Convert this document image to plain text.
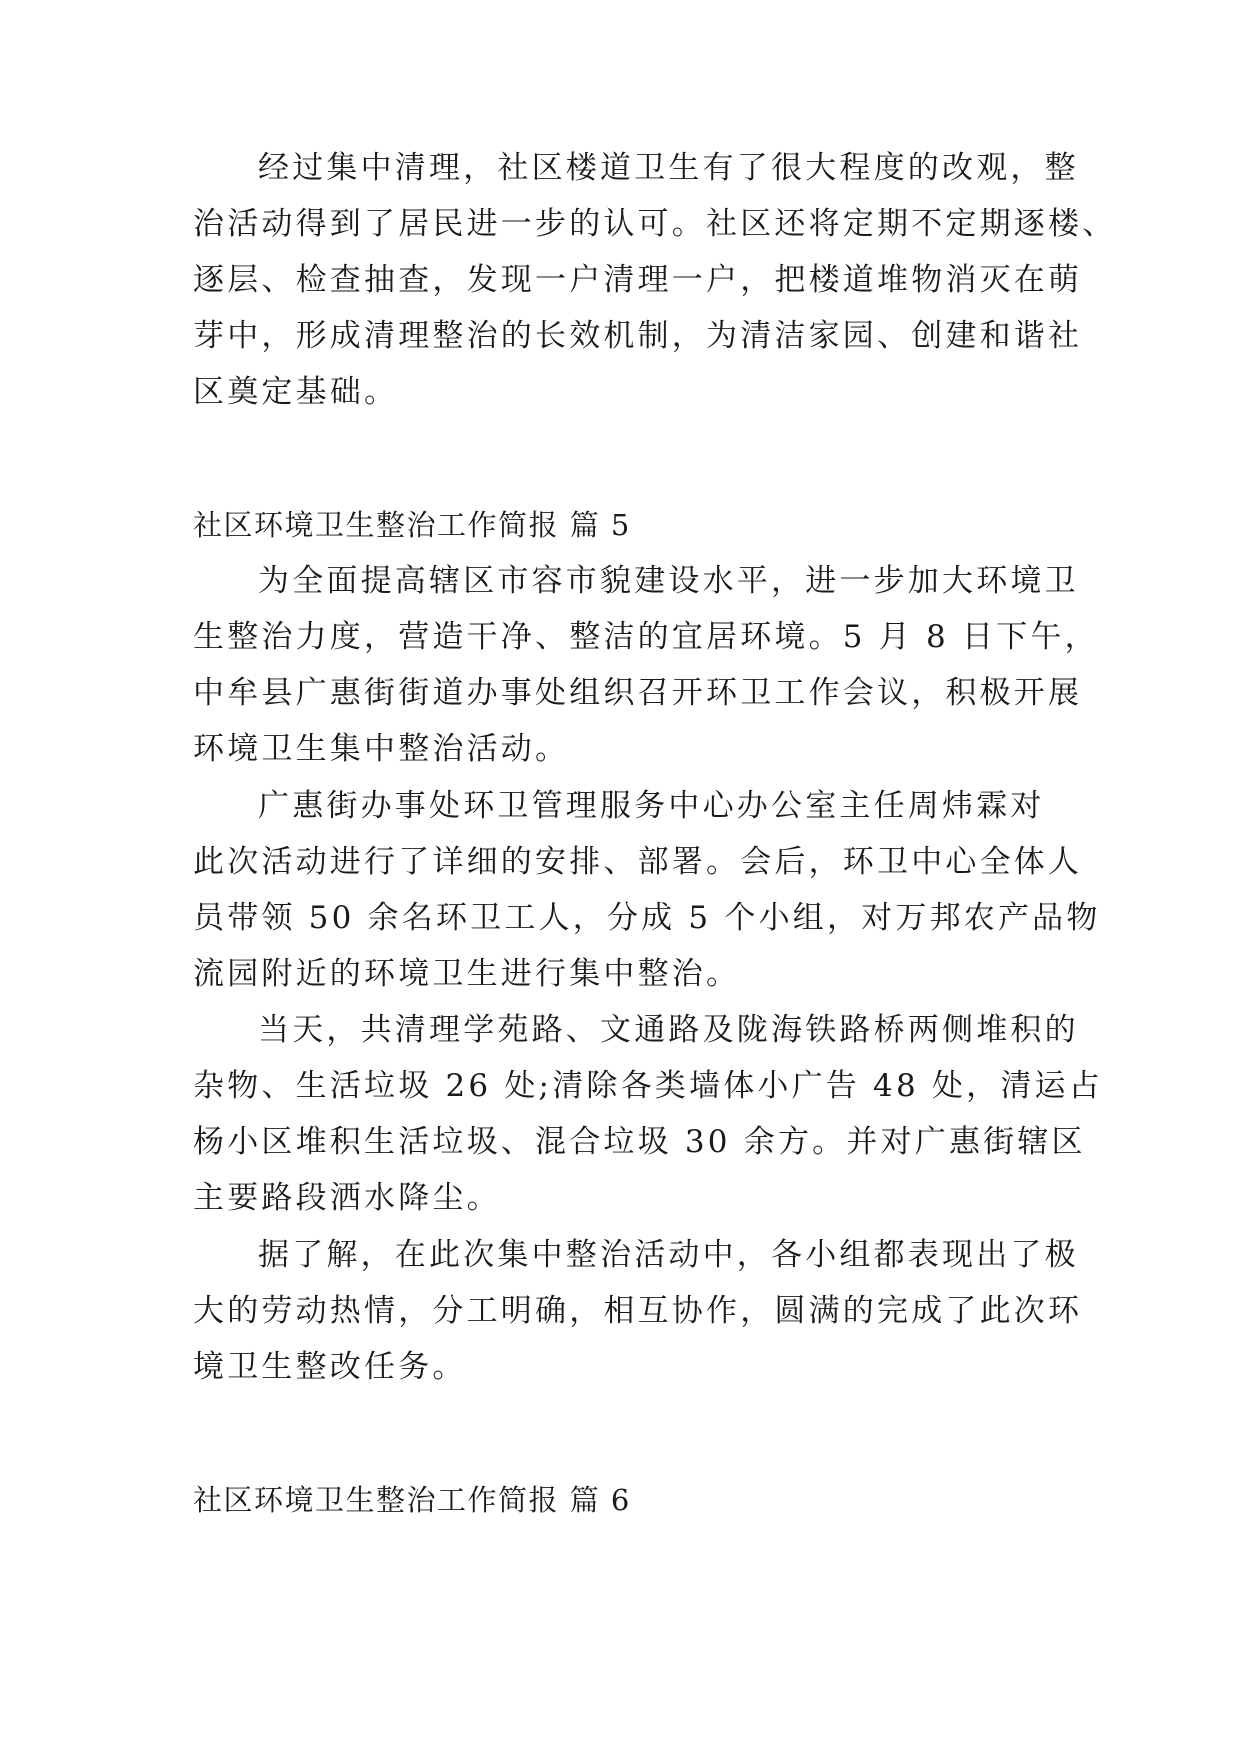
经过集中清理，社区楼道卫生有了很大程度的改观，整
治活动得到了居民进一步的认可。社区还将定期不定期逐楼、
逐层、检查抽查，发现一户清理一户，把楼道堆物消灭在萌
芽中，形成清理整治的长效机制，为清洁家园、创建和谐社
区奠定基础。
社区环境卫生整治工作简报 篇 5
为全面提高辖区市容市貌建设水平，进一步加大环境卫
生整治力度，营造干净、整洁的宜居环境。5 月 8 日下午，
中牟县广惠街街道办事处组织召开环卫工作会议，积极开展
环境卫生集中整治活动。
广惠街办事处环卫管理服务中心办公室主任周炜霖对
此次活动进行了详细的安排、部署。会后，环卫中心全体人
员带领 50 余名环卫工人，分成 5 个小组，对万邦农产品物
流园附近的环境卫生进行集中整治。
当天，共清理学苑路、文通路及陇海铁路桥两侧堆积的
杂物、生活垃圾 26 处;清除各类墙体小广告 48 处，清运占
杨小区堆积生活垃圾、混合垃圾 30 余方。并对广惠街辖区
主要路段洒水降尘。
据了解，在此次集中整治活动中，各小组都表现出了极
大的劳动热情，分工明确，相互协作，圆满的完成了此次环
境卫生整改任务。
社区环境卫生整治工作简报 篇 6
